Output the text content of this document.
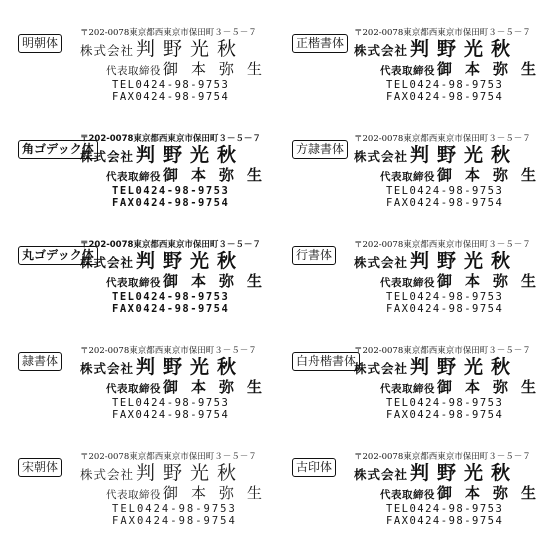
明朝体
〒202-0078東京都西東京市保田町３－５－７
株式会社 判野光秋
代表取締役 御本弥生
TEL0424-98-9753
FAX0424-98-9754
正楷書体
〒202-0078東京都西東京市保田町３－５－７
株式会社 判野光秋
代表取締役 御本弥生
TEL0424-98-9753
FAX0424-98-9754
角ゴデック体
〒202-0078東京都西東京市保田町３－５－７
株式会社 判野光秋
代表取締役 御本弥生
TEL0424-98-9753
FAX0424-98-9754
方隷書体
〒202-0078東京都西東京市保田町３－５－７
株式会社 判野光秋
代表取締役 御本弥生
TEL0424-98-9753
FAX0424-98-9754
丸ゴデック体
〒202-0078東京都西東京市保田町３－５－７
株式会社 判野光秋
代表取締役 御本弥生
TEL0424-98-9753
FAX0424-98-9754
行書体
〒202-0078東京都西東京市保田町３－５－７
株式会社 判野光秋
代表取締役 御本弥生
TEL0424-98-9753
FAX0424-98-9754
隷書体
〒202-0078東京都西東京市保田町３－５－７
株式会社 判野光秋
代表取締役 御本弥生
TEL0424-98-9753
FAX0424-98-9754
白舟楷書体
〒202-0078東京都西東京市保田町３－５－７
株式会社 判野光秋
代表取締役 御本弥生
TEL0424-98-9753
FAX0424-98-9754
宋朝体
〒202-0078東京都西東京市保田町３－５－７
株式会社 判野光秋
代表取締役 御本弥生
TEL0424-98-9753
FAX0424-98-9754
古印体
〒202-0078東京都西東京市保田町３－５－７
株式会社 判野光秋
代表取締役 御本弥生
TEL0424-98-9753
FAX0424-98-9754
